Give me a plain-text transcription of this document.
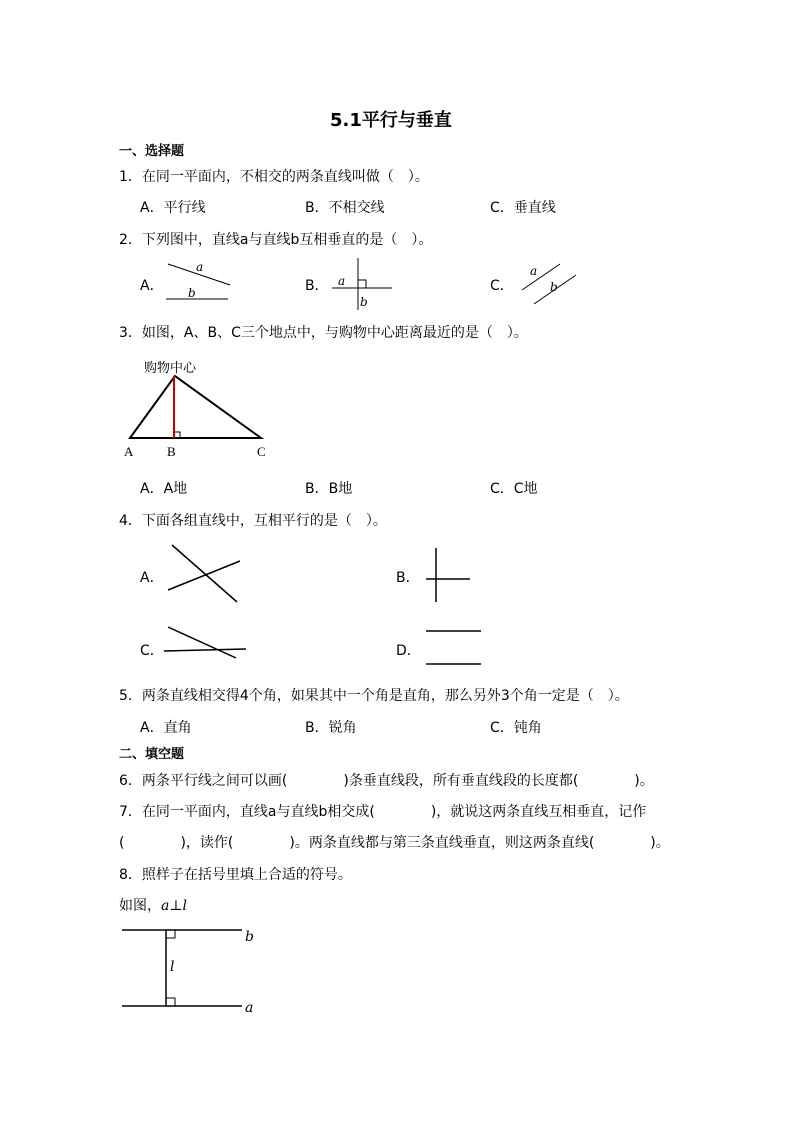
5.1平行与垂直
一、选择题
1．在同一平面内，不相交的两条直线叫做（　）。
A．平行线	B．不相交线	C．垂直线
2．下列图中，直线a与直线b互相垂直的是（　）。
A．	B．	C．
a
b
a
b
a
b
3．如图，A、B、C三个地点中，与购物中心距离最近的是（　）。
购物中心
A	B	C
A．A地	B．B地	C．C地
4．下面各组直线中，互相平行的是（　）。
A．	B．
C．	D．
5．两条直线相交得4个角，如果其中一个角是直角，那么另外3个角一定是（　）。
A．直角	B．锐角	C．钝角
二、填空题
6．两条平行线之间可以画(　　　　)条垂直线段，所有垂直线段的长度都(　　　　)。
7．在同一平面内，直线a与直线b相交成(　　　　)，就说这两条直线互相垂直，记作
(　　　　)，读作(　　　　)。两条直线都与第三条直线垂直，则这两条直线(　　　　)。
8．照样子在括号里填上合适的符号。
如图，a⊥l
b
l
a
